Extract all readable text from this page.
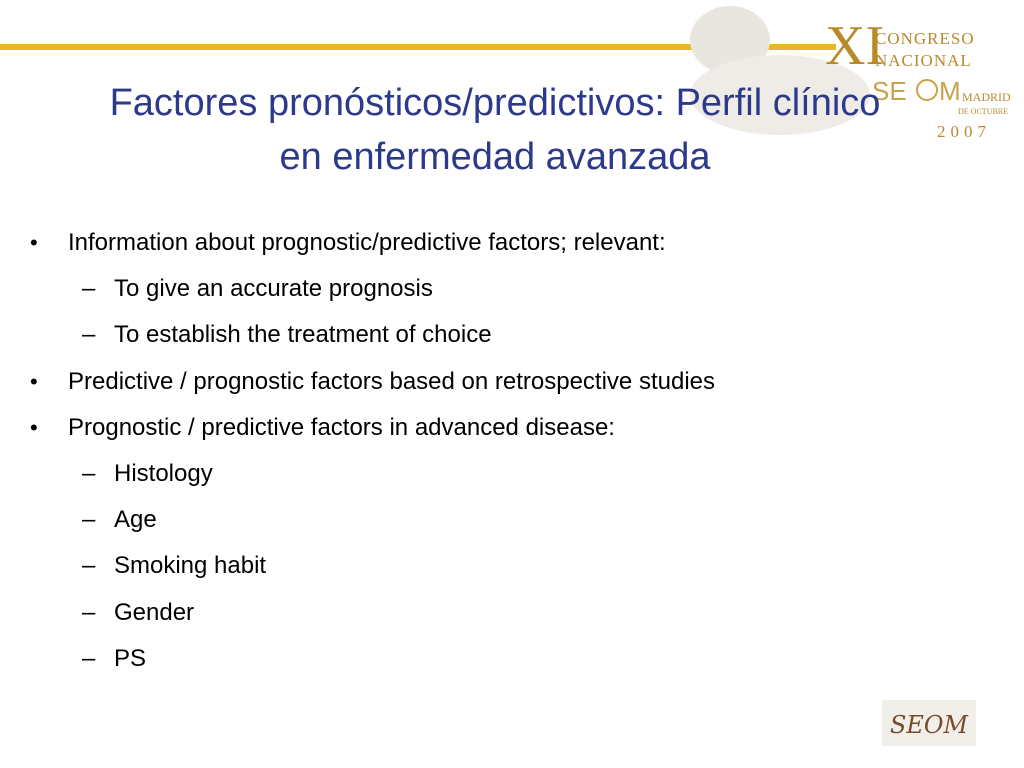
XI
CONGRESO
NACIONAL
SE M MADRID
DE OCTUBRE
2007
Factores pronósticos/predictivos: Perfil clínico
en enfermedad avanzada
• Information about prognostic/predictive factors; relevant:
– To give an accurate prognosis
– To establish the treatment of choice
• Predictive / prognostic factors based on retrospective studies
• Prognostic / predictive factors in advanced disease:
– Histology
– Age
– Smoking habit
– Gender
– PS
SEOM
